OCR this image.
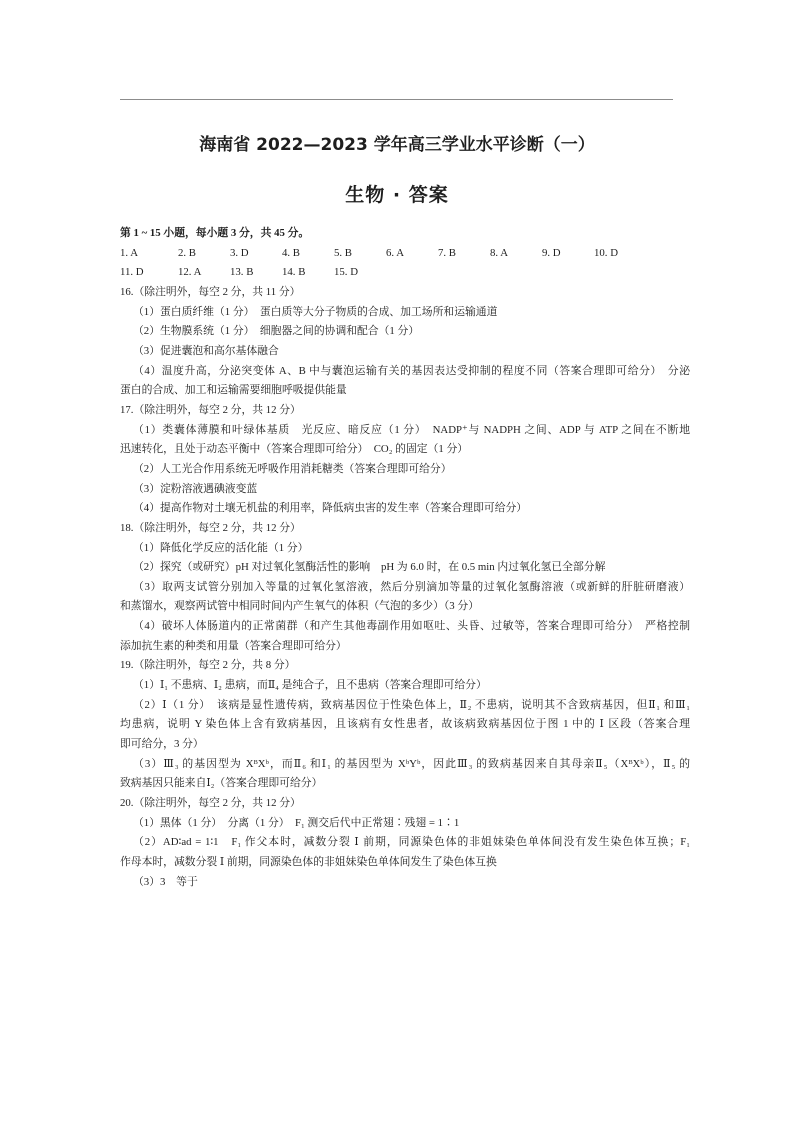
海南省 2022—2023 学年高三学业水平诊断（一）
生物 · 答案
第 1 ~ 15 小题，每小题 3 分，共 45 分。
1. A	2. B	3. D	4. B	5. B	6. A	7. B	8. A	9. D	10. D
11. D	12. A	13. B	14. B	15. D
16.（除注明外，每空 2 分，共 11 分）
（1）蛋白质纤维（1 分）　蛋白质等大分子物质的合成、加工场所和运输通道
（2）生物膜系统（1 分）　细胞器之间的协调和配合（1 分）
（3）促进囊泡和高尔基体融合
（4）温度升高，分泌突变体 A、B 中与囊泡运输有关的基因表达受抑制的程度不同（答案合理即可给分）　分泌
蛋白的合成、加工和运输需要细胞呼吸提供能量
17.（除注明外，每空 2 分，共 12 分）
（1）类囊体薄膜和叶绿体基质　光反应、暗反应（1 分）　NADP⁺与 NADPH 之间、ADP 与 ATP 之间在不断地
迅速转化，且处于动态平衡中（答案合理即可给分）　CO₂ 的固定（1 分）
（2）人工光合作用系统无呼吸作用消耗糖类（答案合理即可给分）
（3）淀粉溶液遇碘液变蓝
（4）提高作物对土壤无机盐的利用率，降低病虫害的发生率（答案合理即可给分）
18.（除注明外，每空 2 分，共 12 分）
（1）降低化学反应的活化能（1 分）
（2）探究（或研究）pH 对过氧化氢酶活性的影响　pH 为 6.0 时，在 0.5 min 内过氧化氢已全部分解
（3）取两支试管分别加入等量的过氧化氢溶液，然后分别滴加等量的过氧化氢酶溶液（或新鲜的肝脏研磨液）
和蒸馏水，观察两试管中相同时间内产生氧气的体积（气泡的多少）（3 分）
（4）破坏人体肠道内的正常菌群（和产生其他毒副作用如呕吐、头昏、过敏等，答案合理即可给分）　严格控制
添加抗生素的种类和用量（答案合理即可给分）
19.（除注明外，每空 2 分，共 8 分）
（1）Ⅰ₁ 不患病、Ⅰ₂ 患病，而Ⅱ₄ 是纯合子，且不患病（答案合理即可给分）
（2）Ⅰ（1 分）　该病是显性遗传病，致病基因位于性染色体上，Ⅱ₂ 不患病，说明其不含致病基因，但Ⅱ₁ 和Ⅲ₁
均患病，说明 Y 染色体上含有致病基因，且该病有女性患者，故该病致病基因位于图 1 中的 Ⅰ 区段（答案合理
即可给分，3 分）
（3）Ⅲ₃ 的基因型为 XᴮXᵇ，而Ⅱ₆ 和Ⅰ₁ 的基因型为 XᵇYᵇ，因此Ⅲ₃ 的致病基因来自其母亲Ⅱ₅（XᴮXᵇ），Ⅱ₅ 的
致病基因只能来自Ⅰ₂（答案合理即可给分）
20.（除注明外，每空 2 分，共 12 分）
（1）黑体（1 分）　分离（1 分）　F₁ 测交后代中正常翅∶残翅 = 1∶1
（2）AD∶ad = 1∶1　F₁ 作父本时，减数分裂 Ⅰ 前期，同源染色体的非姐妹染色单体间没有发生染色体互换；F₁
作母本时，减数分裂 Ⅰ 前期，同源染色体的非姐妹染色单体间发生了染色体互换
（3）3　等于
